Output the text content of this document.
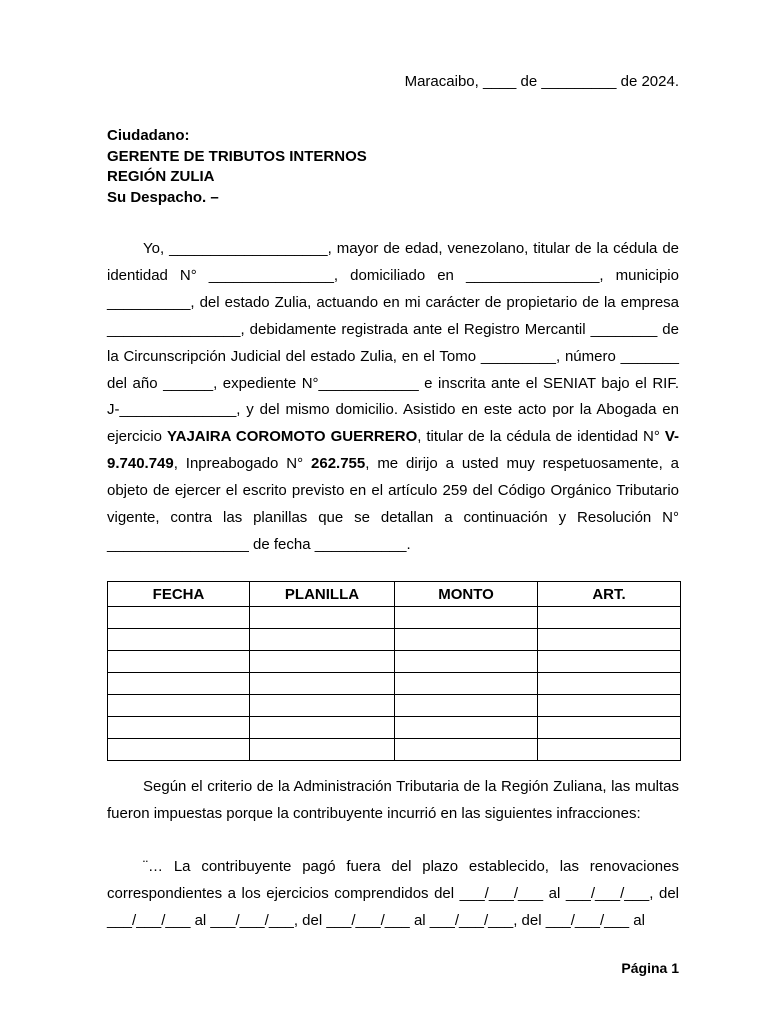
Maracaibo, ____ de _________ de 2024.
Ciudadano:
GERENTE DE TRIBUTOS INTERNOS
REGIÓN ZULIA
Su Despacho. –

Yo, ___________________, mayor de edad, venezolano, titular de la cédula de identidad N° _______________, domiciliado en ________________, municipio __________, del estado Zulia, actuando en mi carácter de propietario de la empresa ________________, debidamente registrada ante el Registro Mercantil ________ de la Circunscripción Judicial del estado Zulia, en el Tomo _________, número _______ del año ______, expediente N°____________ e inscrita ante el SENIAT bajo el RIF. J-______________, y del mismo domicilio. Asistido en este acto por la Abogada en ejercicio YAJAIRA COROMOTO GUERRERO, titular de la cédula de identidad N° V- 9.740.749, Inpreabogado N° 262.755, me dirijo a usted muy respetuosamente, a objeto de ejercer el escrito previsto en el artículo 259 del Código Orgánico Tributario vigente, contra las planillas que se detallan a continuación y Resolución N° _________________ de fecha ___________.

FECHA	PLANILLA	MONTO	ART.

Según el criterio de la Administración Tributaria de la Región Zuliana, las multas fueron impuestas porque la contribuyente incurrió en las siguientes infracciones:

¨… La contribuyente pagó fuera del plazo establecido, las renovaciones correspondientes a los ejercicios comprendidos del ___/___/___ al ___/___/___, del ___/___/___ al ___/___/___, del ___/___/___ al ___/___/___, del ___/___/___ al

Página 1
